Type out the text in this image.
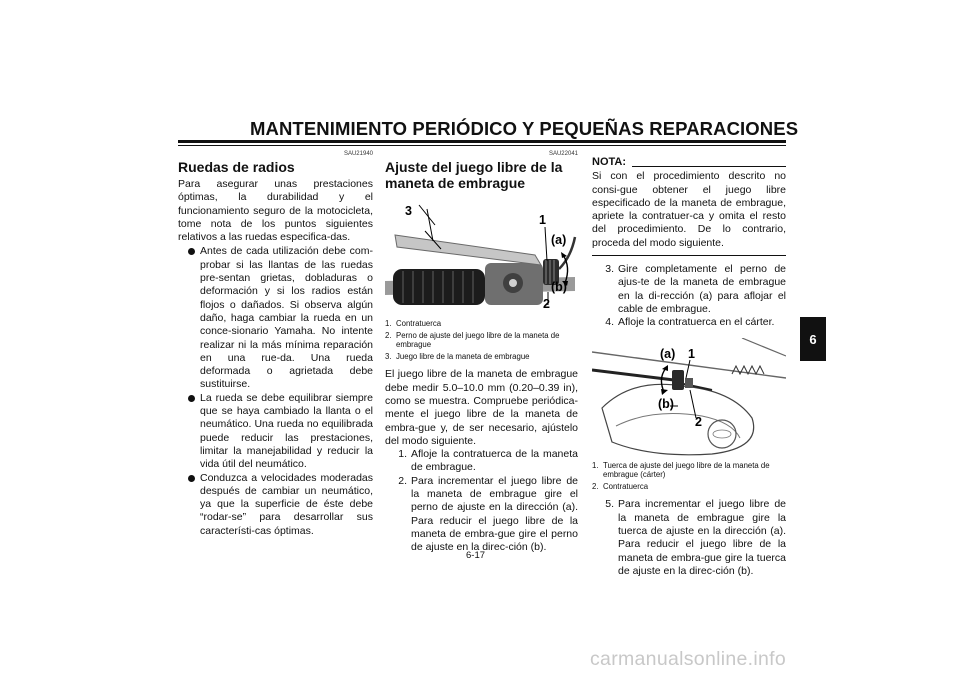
MANTENIMIENTO PERIÓDICO Y PEQUEÑAS REPARACIONES
6
SAU21940
Ruedas de radios

Para asegurar unas prestaciones óptimas, la durabilidad y el funcionamiento seguro de la motocicleta, tome nota de los puntos siguientes relativos a las ruedas especifica-das.

Antes de cada utilización debe com-probar si las llantas de las ruedas pre-sentan grietas, dobladuras o deformación y si los radios están flojos o dañados. Si observa algún daño, haga cambiar la rueda en un conce-sionario Yamaha. No intente realizar ni la más mínima reparación en una rue-da. Una rueda deformada o agrietada debe sustituirse.
La rueda se debe equilibrar siempre que se haya cambiado la llanta o el neumático. Una rueda no equilibrada puede reducir las prestaciones, limitar la manejabilidad y reducir la vida útil del neumático.
Conduzca a velocidades moderadas después de cambiar un neumático, ya que la superficie de éste debe “rodar-se” para desarrollar sus característi-cas óptimas.
SAU22041
Ajuste del juego libre de la maneta de embrague
3
1
(a)
(b)
2
1. Contratuerca
2. Perno de ajuste del juego libre de la maneta de embrague
3. Juego libre de la maneta de embrague

El juego libre de la maneta de embrague debe medir 5.0–10.0 mm (0.20–0.39 in), como se muestra. Compruebe periódica-mente el juego libre de la maneta de embra-gue y, de ser necesario, ajústelo del modo siguiente.

1. Afloje la contratuerca de la maneta de embrague.
2. Para incrementar el juego libre de la maneta de embrague gire el perno de ajuste en la dirección (a). Para reducir el juego libre de la maneta de embra-gue gire el perno de ajuste en la direc-ción (b).
NOTA:

Si con el procedimiento descrito no consi-gue obtener el juego libre especificado de la maneta de embrague, apriete la contratuer-ca y omita el resto del procedimiento. De lo contrario, proceda del modo siguiente.

3. Gire completamente el perno de ajus-te de la maneta de embrague en la di-rección (a) para aflojar el cable de embrague.
4. Afloje la contratuerca en el cárter.
(a) 1
(b)
2
1. Tuerca de ajuste del juego libre de la maneta de embrague (cárter)
2. Contratuerca
5. Para incrementar el juego libre de la maneta de embrague gire la tuerca de ajuste en la dirección (a). Para reducir el juego libre de la maneta de embra-gue gire la tuerca de ajuste en la direc-ción (b).
6-17
carmanualsonline.info
